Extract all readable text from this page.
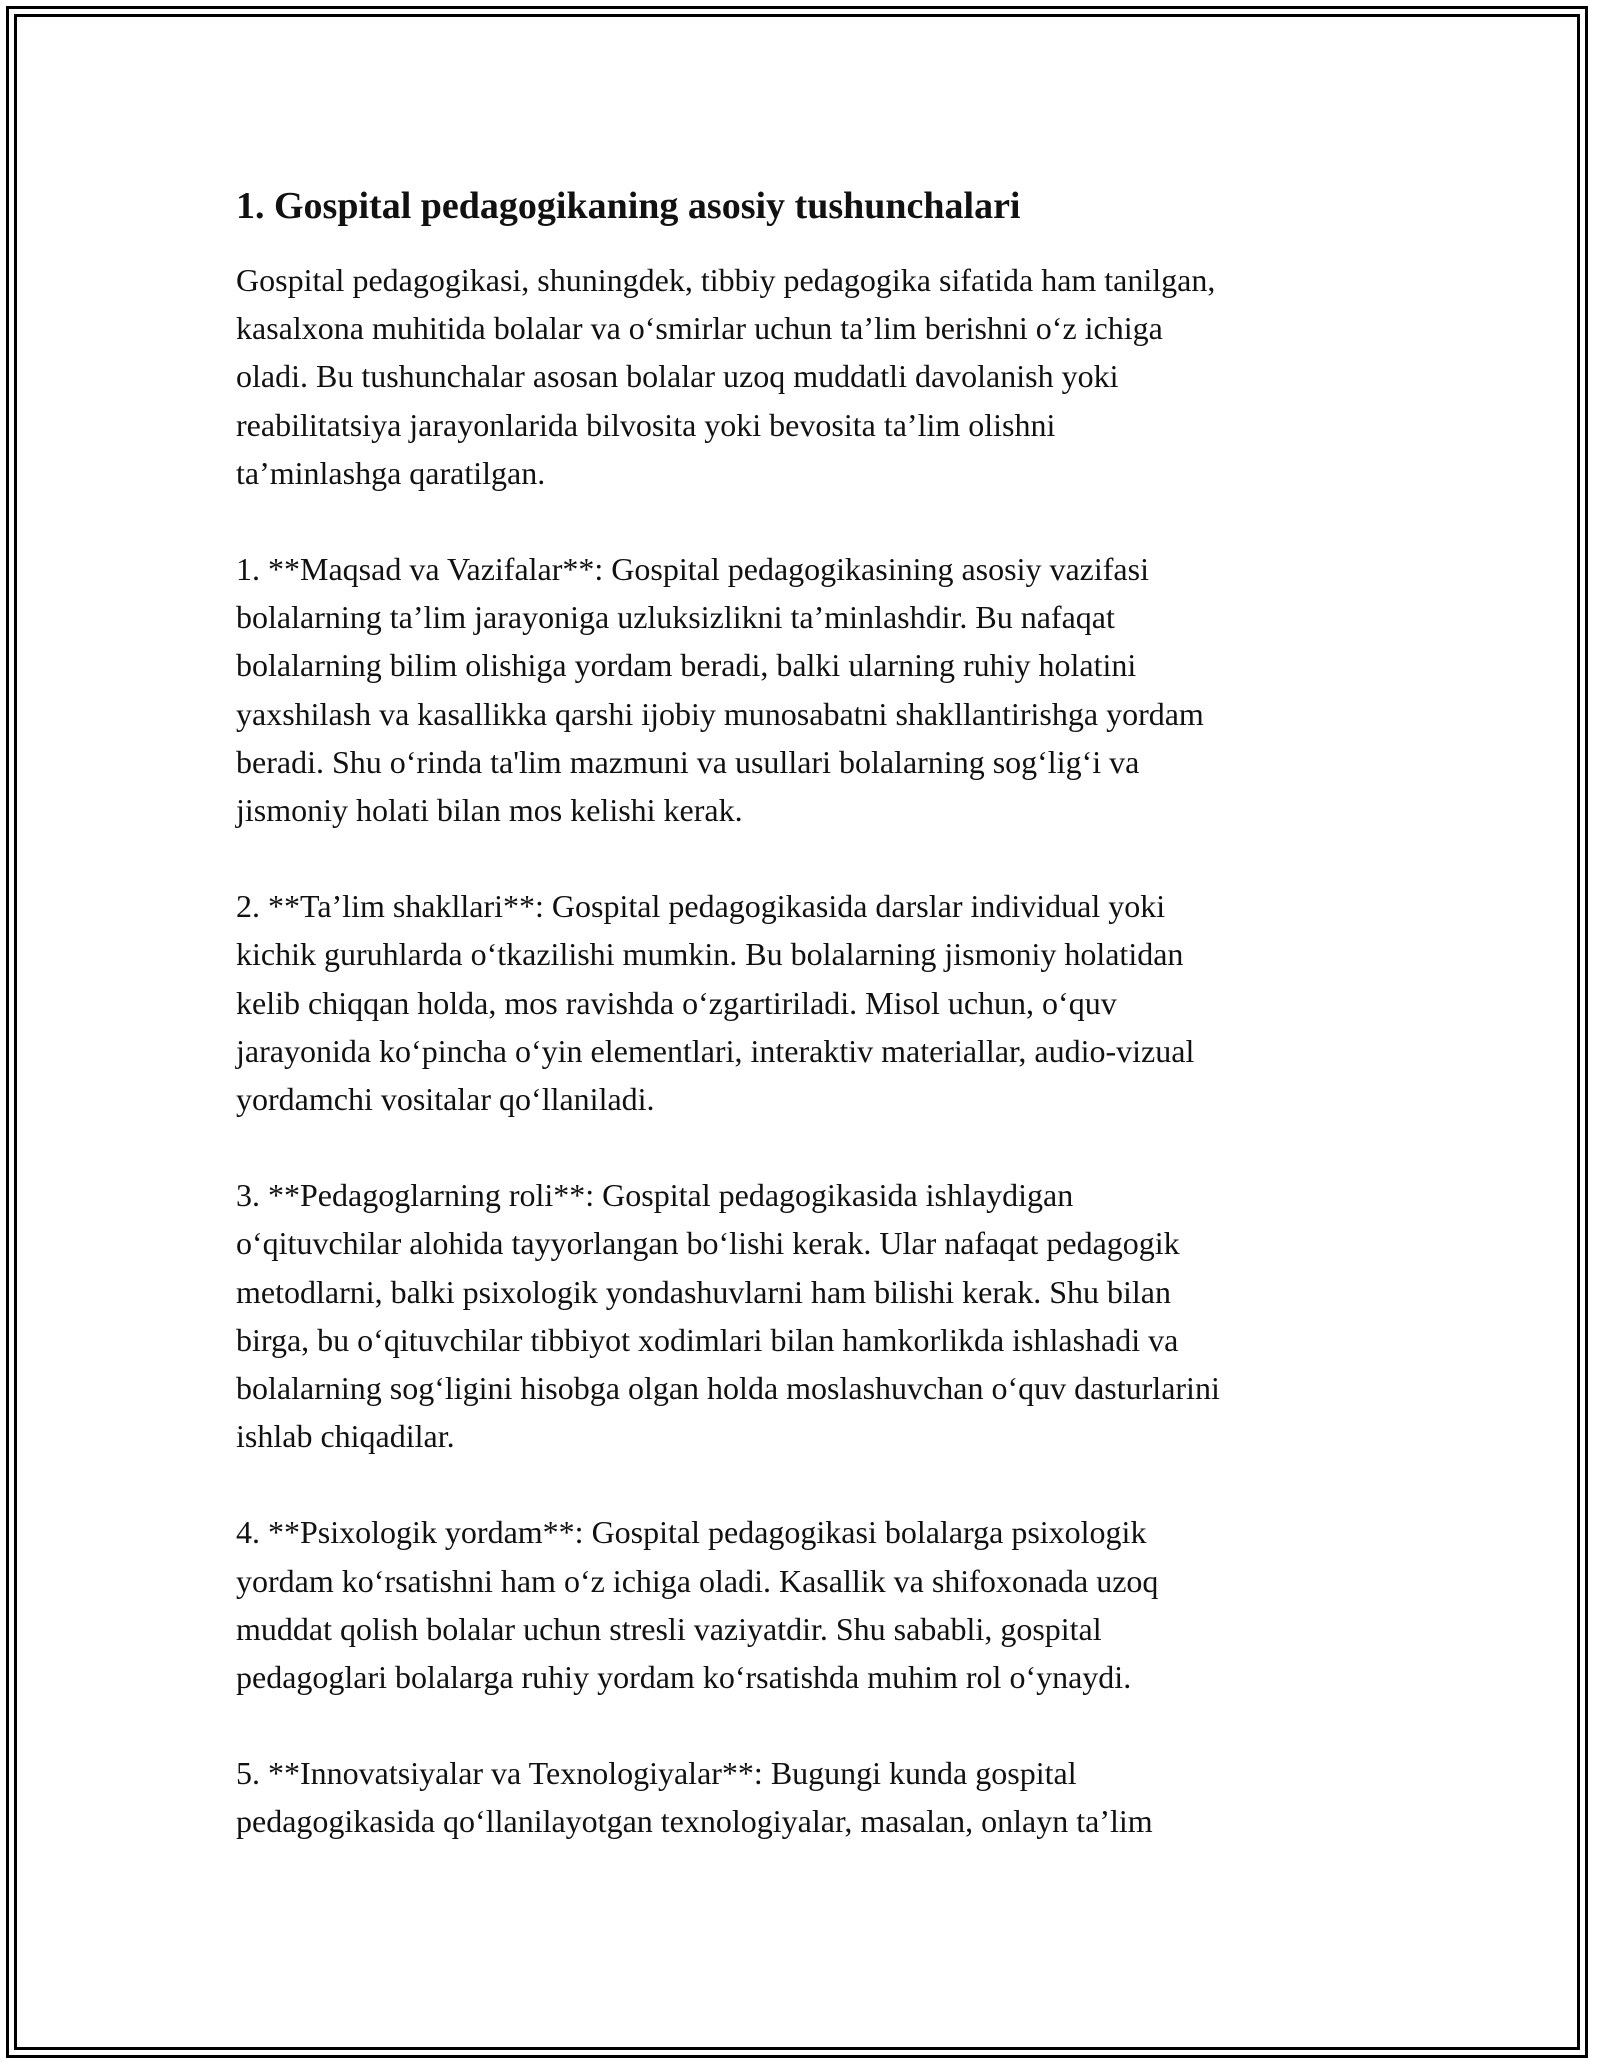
1. Gospital pedagogikaning asosiy tushunchalari

Gospital pedagogikasi, shuningdek, tibbiy pedagogika sifatida ham tanilgan,
kasalxona muhitida bolalar va o‘smirlar uchun ta’lim berishni o‘z ichiga
oladi. Bu tushunchalar asosan bolalar uzoq muddatli davolanish yoki
reabilitatsiya jarayonlarida bilvosita yoki bevosita ta’lim olishni
ta’minlashga qaratilgan.

1. **Maqsad va Vazifalar**: Gospital pedagogikasining asosiy vazifasi
bolalarning ta’lim jarayoniga uzluksizlikni ta’minlashdir. Bu nafaqat
bolalarning bilim olishiga yordam beradi, balki ularning ruhiy holatini
yaxshilash va kasallikka qarshi ijobiy munosabatni shakllantirishga yordam
beradi. Shu o‘rinda ta'lim mazmuni va usullari bolalarning sog‘lig‘i va
jismoniy holati bilan mos kelishi kerak.

2. **Ta’lim shakllari**: Gospital pedagogikasida darslar individual yoki
kichik guruhlarda o‘tkazilishi mumkin. Bu bolalarning jismoniy holatidan
kelib chiqqan holda, mos ravishda o‘zgartiriladi. Misol uchun, o‘quv
jarayonida ko‘pincha o‘yin elementlari, interaktiv materiallar, audio-vizual
yordamchi vositalar qo‘llaniladi.

3. **Pedagoglarning roli**: Gospital pedagogikasida ishlaydigan
o‘qituvchilar alohida tayyorlangan bo‘lishi kerak. Ular nafaqat pedagogik
metodlarni, balki psixologik yondashuvlarni ham bilishi kerak. Shu bilan
birga, bu o‘qituvchilar tibbiyot xodimlari bilan hamkorlikda ishlashadi va
bolalarning sog‘ligini hisobga olgan holda moslashuvchan o‘quv dasturlarini
ishlab chiqadilar.

4. **Psixologik yordam**: Gospital pedagogikasi bolalarga psixologik
yordam ko‘rsatishni ham o‘z ichiga oladi. Kasallik va shifoxonada uzoq
muddat qolish bolalar uchun stresli vaziyatdir. Shu sababli, gospital
pedagoglari bolalarga ruhiy yordam ko‘rsatishda muhim rol o‘ynaydi.

5. **Innovatsiyalar va Texnologiyalar**: Bugungi kunda gospital
pedagogikasida qo‘llanilayotgan texnologiyalar, masalan, onlayn ta’lim
